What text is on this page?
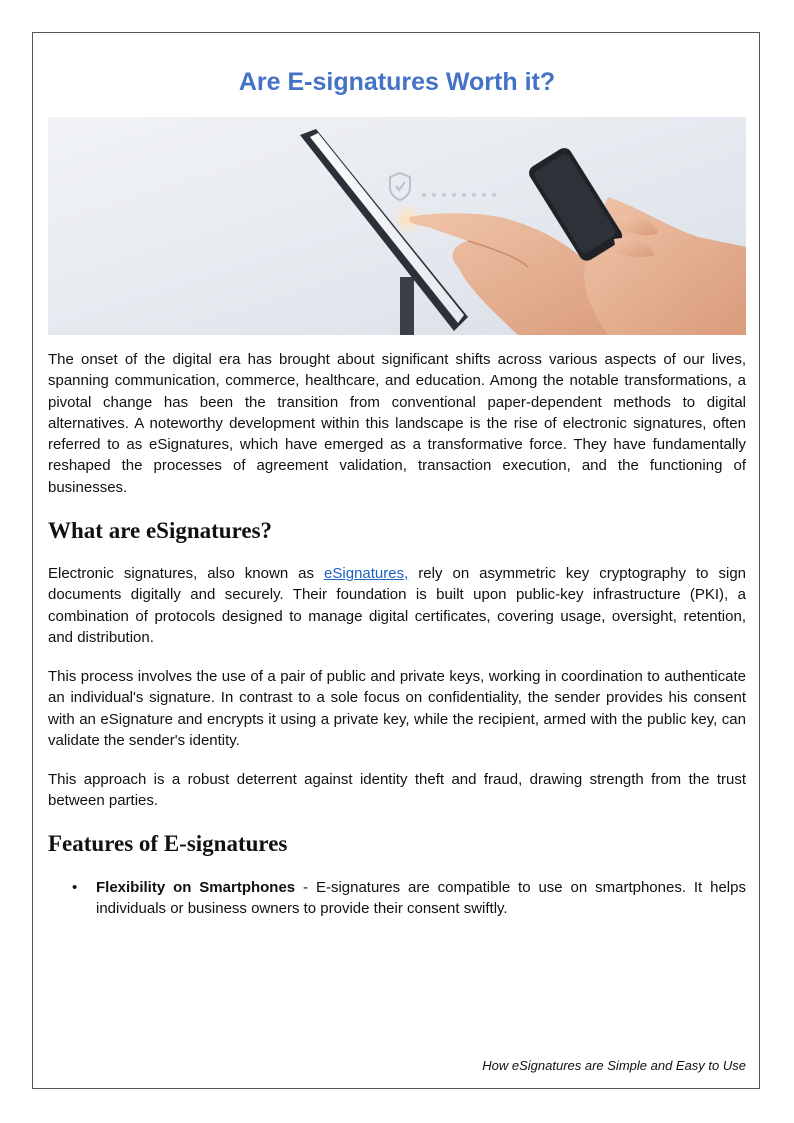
Are E-signatures Worth it?

The onset of the digital era has brought about significant shifts across various aspects of our lives, spanning communication, commerce, healthcare, and education. Among the notable transformations, a pivotal change has been the transition from conventional paper-dependent methods to digital alternatives. A noteworthy development within this landscape is the rise of electronic signatures, often referred to as eSignatures, which have emerged as a transformative force. They have fundamentally reshaped the processes of agreement validation, transaction execution, and the functioning of businesses.

What are eSignatures?

Electronic signatures, also known as eSignatures, rely on asymmetric key cryptography to sign documents digitally and securely. Their foundation is built upon public-key infrastructure (PKI), a combination of protocols designed to manage digital certificates, covering usage, oversight, retention, and distribution.

This process involves the use of a pair of public and private keys, working in coordination to authenticate an individual's signature. In contrast to a sole focus on confidentiality, the sender provides his consent with an eSignature and encrypts it using a private key, while the recipient, armed with the public key, can validate the sender's identity.

This approach is a robust deterrent against identity theft and fraud, drawing strength from the trust between parties.

Features of E-signatures
• Flexibility on Smartphones - E-signatures are compatible to use on smartphones. It helps individuals or business owners to provide their consent swiftly.
How eSignatures are Simple and Easy to Use
